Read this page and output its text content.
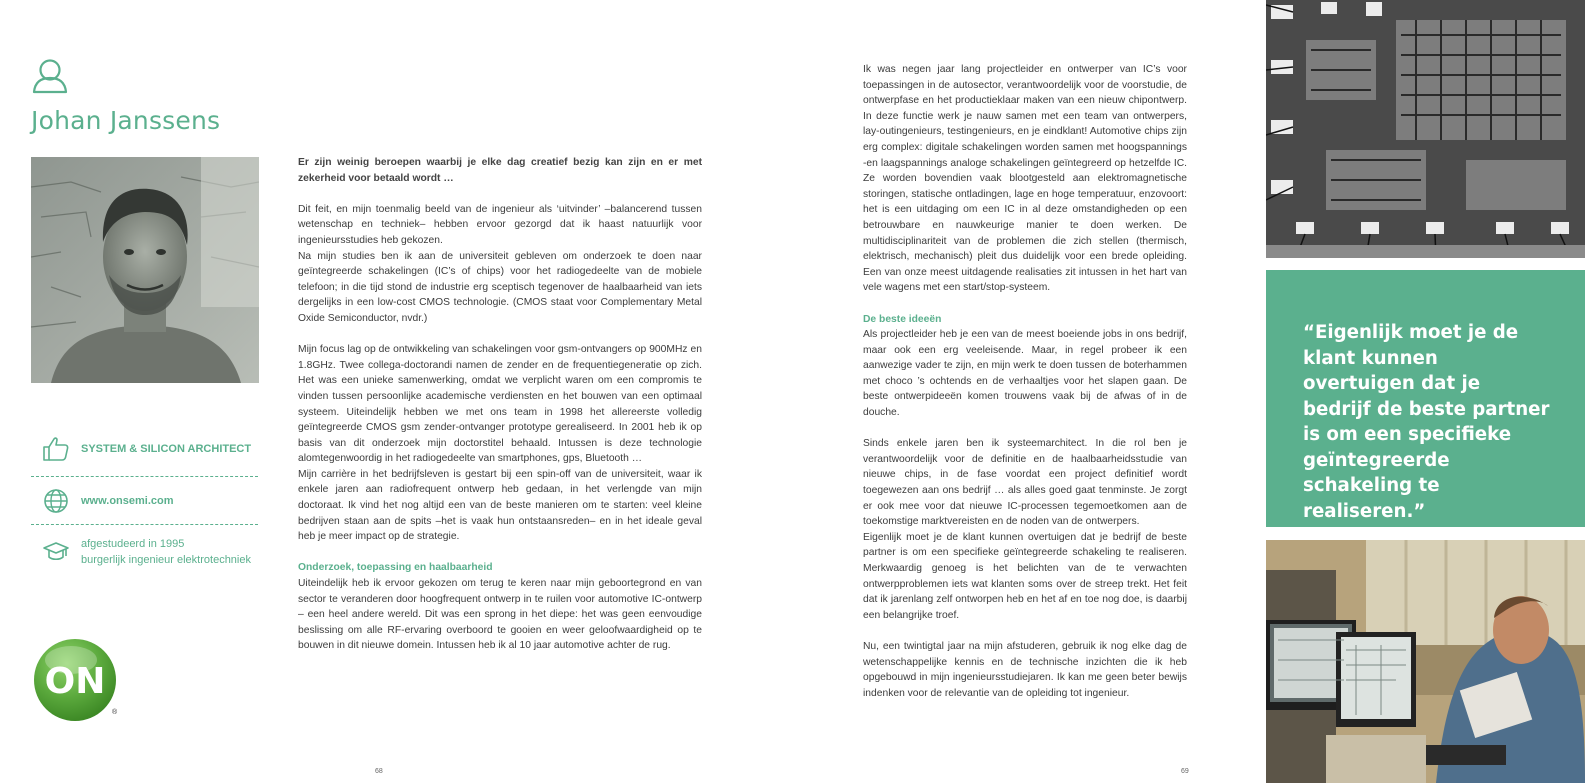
Johan Janssens
SYSTEM & SILICON ARCHITECT
www.onsemi.com
afgestudeerd in 1995
burgerlijk ingenieur elektrotechniek
ON
®

Er zijn weinig beroepen waarbij je elke dag creatief bezig kan zijn en er met zekerheid voor betaald wordt …

Dit feit, en mijn toenmalig beeld van de ingenieur als ‘uitvinder’ –balancerend tussen wetenschap en techniek– hebben ervoor gezorgd dat ik haast natuurlijk voor ingenieursstudies heb gekozen.

Na mijn studies ben ik aan de universiteit gebleven om onderzoek te doen naar geïntegreerde schakelingen (IC’s of chips) voor het radiogedeelte van de mobiele telefoon; in die tijd stond de industrie erg sceptisch tegenover de haalbaarheid van iets dergelijks in een low-cost CMOS technologie. (CMOS staat voor Complementary Metal Oxide Semiconductor, nvdr.)

Mijn focus lag op de ontwikkeling van schakelingen voor gsm-ontvangers op 900MHz en 1.8GHz. Twee collega-doctorandi namen de zender en de frequentiegeneratie op zich. Het was een unieke samenwerking, omdat we verplicht waren om een compromis te vinden tussen persoonlijke academische verdiensten en het bouwen van een optimaal systeem. Uiteindelijk hebben we met ons team in 1998 het allereerste volledig geïntegreerde CMOS gsm zender-ontvanger prototype gerealiseerd. In 2001 heb ik op basis van dit onderzoek mijn doctorstitel behaald. Intussen is deze technologie alomtegenwoordig in het radiogedeelte van smartphones, gps, Bluetooth …

Mijn carrière in het bedrijfsleven is gestart bij een spin-off van de universiteit, waar ik enkele jaren aan radiofrequent ontwerp heb gedaan, in het verlengde van mijn doctoraat. Ik vind het nog altijd een van de beste manieren om te starten: veel kleine bedrijven staan aan de spits –het is vaak hun ontstaansreden– en in het ideale geval heb je meer impact op de strategie.

Onderzoek, toepassing en haalbaarheid

Uiteindelijk heb ik ervoor gekozen om terug te keren naar mijn geboortegrond en van sector te veranderen door hoogfrequent ontwerp in te ruilen voor automotive IC-ontwerp – een heel andere wereld. Dit was een sprong in het diepe: het was geen eenvoudige beslissing om alle RF-ervaring overboord te gooien en weer geloofwaardigheid op te bouwen in dit nieuwe domein. Intussen heb ik al 10 jaar automotive achter de rug.

68

Ik was negen jaar lang projectleider en ontwerper van IC’s voor toepassingen in de autosector, verantwoordelijk voor de voorstudie, de ontwerpfase en het productieklaar maken van een nieuw chipontwerp. In deze functie werk je nauw samen met een team van ontwerpers, lay-outingenieurs, testingenieurs, en je eindklant! Automotive chips zijn erg complex: digitale schakelingen worden samen met hoogspannings -en laagspannings analoge schakelingen geïntegreerd op hetzelfde IC. Ze worden bovendien vaak blootgesteld aan elektromagnetische storingen, statische ontladingen, lage en hoge temperatuur, enzovoort: het is een uitdaging om een IC in al deze omstandigheden op een betrouwbare en nauwkeurige manier te doen werken. De multidisciplinariteit van de problemen die zich stellen (thermisch, elektrisch, mechanisch) pleit dus duidelijk voor een brede opleiding. Een van onze meest uitdagende realisaties zit intussen in het hart van vele wagens met een start/stop-systeem.

De beste ideeën

Als projectleider heb je een van de meest boeiende jobs in ons bedrijf, maar ook een erg veeleisende. Maar, in regel probeer ik een aanwezige vader te zijn, en mijn werk te doen tussen de boterhammen met choco ’s ochtends en de verhaaltjes voor het slapen gaan. De beste ontwerpideeën komen trouwens vaak bij de afwas of in de douche.

Sinds enkele jaren ben ik systeemarchitect. In die rol ben je verantwoordelijk voor de definitie en de haalbaarheidsstudie van nieuwe chips, in de fase voordat een project definitief wordt toegewezen aan ons bedrijf … als alles goed gaat tenminste. Je zorgt er ook mee voor dat nieuwe IC-processen tegemoetkomen aan de toekomstige marktvereisten en de noden van de ontwerpers.

Eigenlijk moet je de klant kunnen overtuigen dat je bedrijf de beste partner is om een specifieke geïntegreerde schakeling te realiseren. Merkwaardig genoeg is het belichten van de te verwachten ontwerpproblemen iets wat klanten soms over de streep trekt. Het feit dat ik jarenlang zelf ontworpen heb en het af en toe nog doe, is daarbij een belangrijke troef.

Nu, een twintigtal jaar na mijn afstuderen, gebruik ik nog elke dag de wetenschappelijke kennis en de technische inzichten die ik heb opgebouwd in mijn ingenieursstudiejaren. Ik kan me geen beter bewijs indenken voor de relevantie van de opleiding tot ingenieur.

69

“Eigenlijk moet je de klant kunnen overtuigen dat je bedrijf de beste partner is om een specifieke geïntegreerde schakeling te realiseren.”
